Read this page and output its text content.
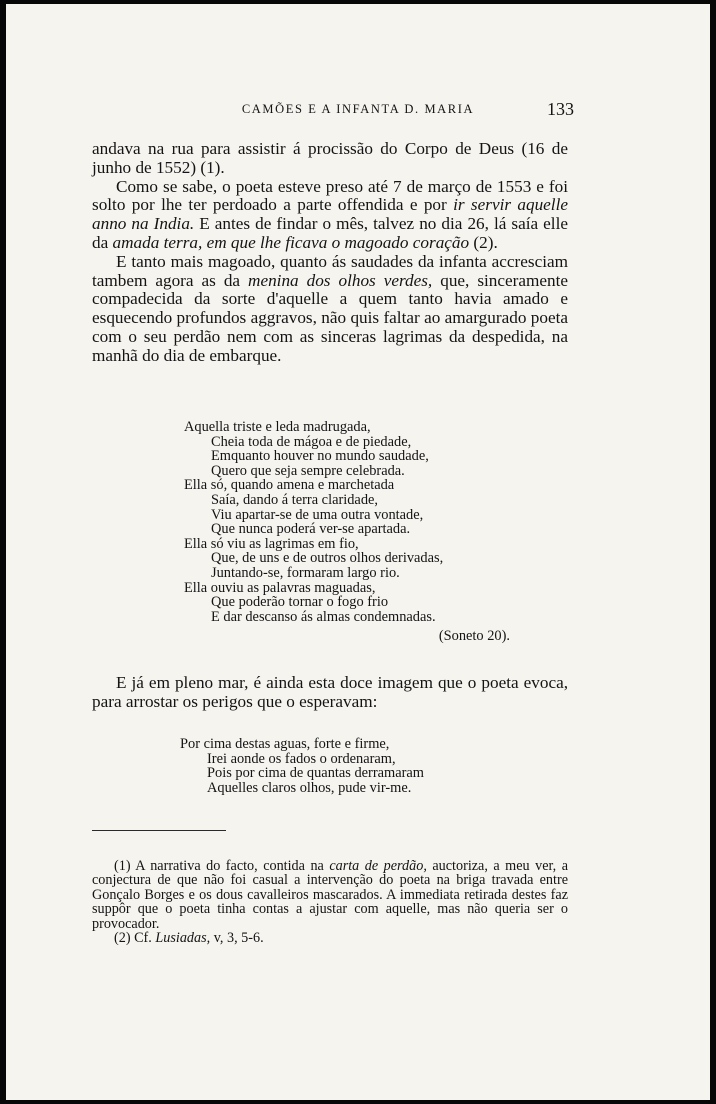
CAMÕES E A INFANTA D. MARIA	133

andava na rua para assistir á procissão do Corpo de Deus (16 de junho de 1552) (1).

Como se sabe, o poeta esteve preso até 7 de março de 1553 e foi solto por lhe ter perdoado a parte offendida e por ir servir aquelle anno na India. E antes de findar o mês, talvez no dia 26, lá saía elle da amada terra, em que lhe ficava o magoado coração (2).

E tanto mais magoado, quanto ás saudades da infanta accresciam tambem agora as da menina dos olhos verdes, que, sinceramente compadecida da sorte d'aquelle a quem tanto havia amado e esquecendo profundos aggravos, não quis faltar ao amargurado poeta com o seu perdão nem com as sinceras lagrimas da despedida, na manhã do dia de embarque.

Aquella triste e leda madrugada,
Cheia toda de mágoa e de piedade,
Emquanto houver no mundo saudade,
Quero que seja sempre celebrada.
Ella só, quando amena e marchetada
Saía, dando á terra claridade,
Viu apartar-se de uma outra vontade,
Que nunca poderá ver-se apartada.
Ella só viu as lagrimas em fio,
Que, de uns e de outros olhos derivadas,
Juntando-se, formaram largo rio.
Ella ouviu as palavras maguadas,
Que poderão tornar o fogo frio
E dar descanso ás almas condemnadas.
(Soneto 20).

E já em pleno mar, é ainda esta doce imagem que o poeta evoca, para arrostar os perigos que o esperavam:

Por cima destas aguas, forte e firme,
Irei aonde os fados o ordenaram,
Pois por cima de quantas derramaram
Aquelles claros olhos, pude vir-me.

(1) A narrativa do facto, contida na carta de perdão, auctoriza, a meu ver, a conjectura de que não foi casual a intervenção do poeta na briga travada entre Gonçalo Borges e os dous cavalleiros mascarados. A immediata retirada destes faz suppôr que o poeta tinha contas a ajustar com aquelle, mas não queria ser o provocador.

(2) Cf. Lusiadas, v, 3, 5-6.
